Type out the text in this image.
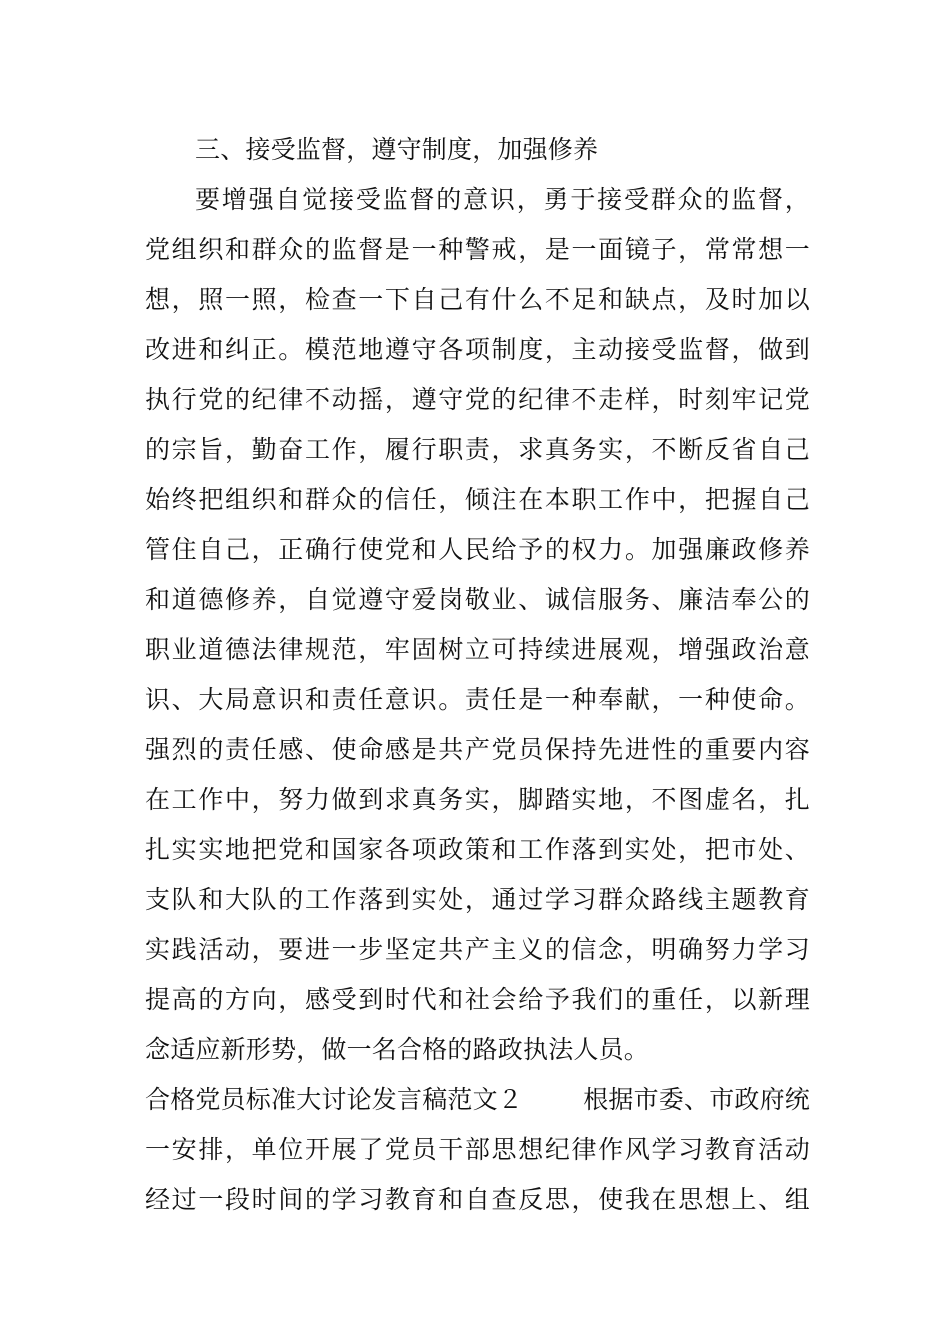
三、接受监督，遵守制度，加强修养
要增强自觉接受监督的意识，勇于接受群众的监督，
党组织和群众的监督是一种警戒，是一面镜子，常常想一
想，照一照，检查一下自己有什么不足和缺点，及时加以
改进和纠正。模范地遵守各项制度，主动接受监督，做到
执行党的纪律不动摇，遵守党的纪律不走样，时刻牢记党
的宗旨，勤奋工作，履行职责，求真务实，不断反省自己
始终把组织和群众的信任，倾注在本职工作中，把握自己
管住自己，正确行使党和人民给予的权力。加强廉政修养
和道德修养，自觉遵守爱岗敬业、诚信服务、廉洁奉公的
职业道德法律规范，牢固树立可持续进展观，增强政治意
识、大局意识和责任意识。责任是一种奉献，一种使命。
强烈的责任感、使命感是共产党员保持先进性的重要内容
在工作中，努力做到求真务实，脚踏实地，不图虚名，扎
扎实实地把党和国家各项政策和工作落到实处，把市处、
支队和大队的工作落到实处，通过学习群众路线主题教育
实践活动，要进一步坚定共产主义的信念，明确努力学习
提高的方向，感受到时代和社会给予我们的重任，以新理
念适应新形势，做一名合格的路政执法人员。
合格党员标准大讨论发言稿范文２ 根据市委、市政府统
一安排，单位开展了党员干部思想纪律作风学习教育活动
经过一段时间的学习教育和自查反思，使我在思想上、组
